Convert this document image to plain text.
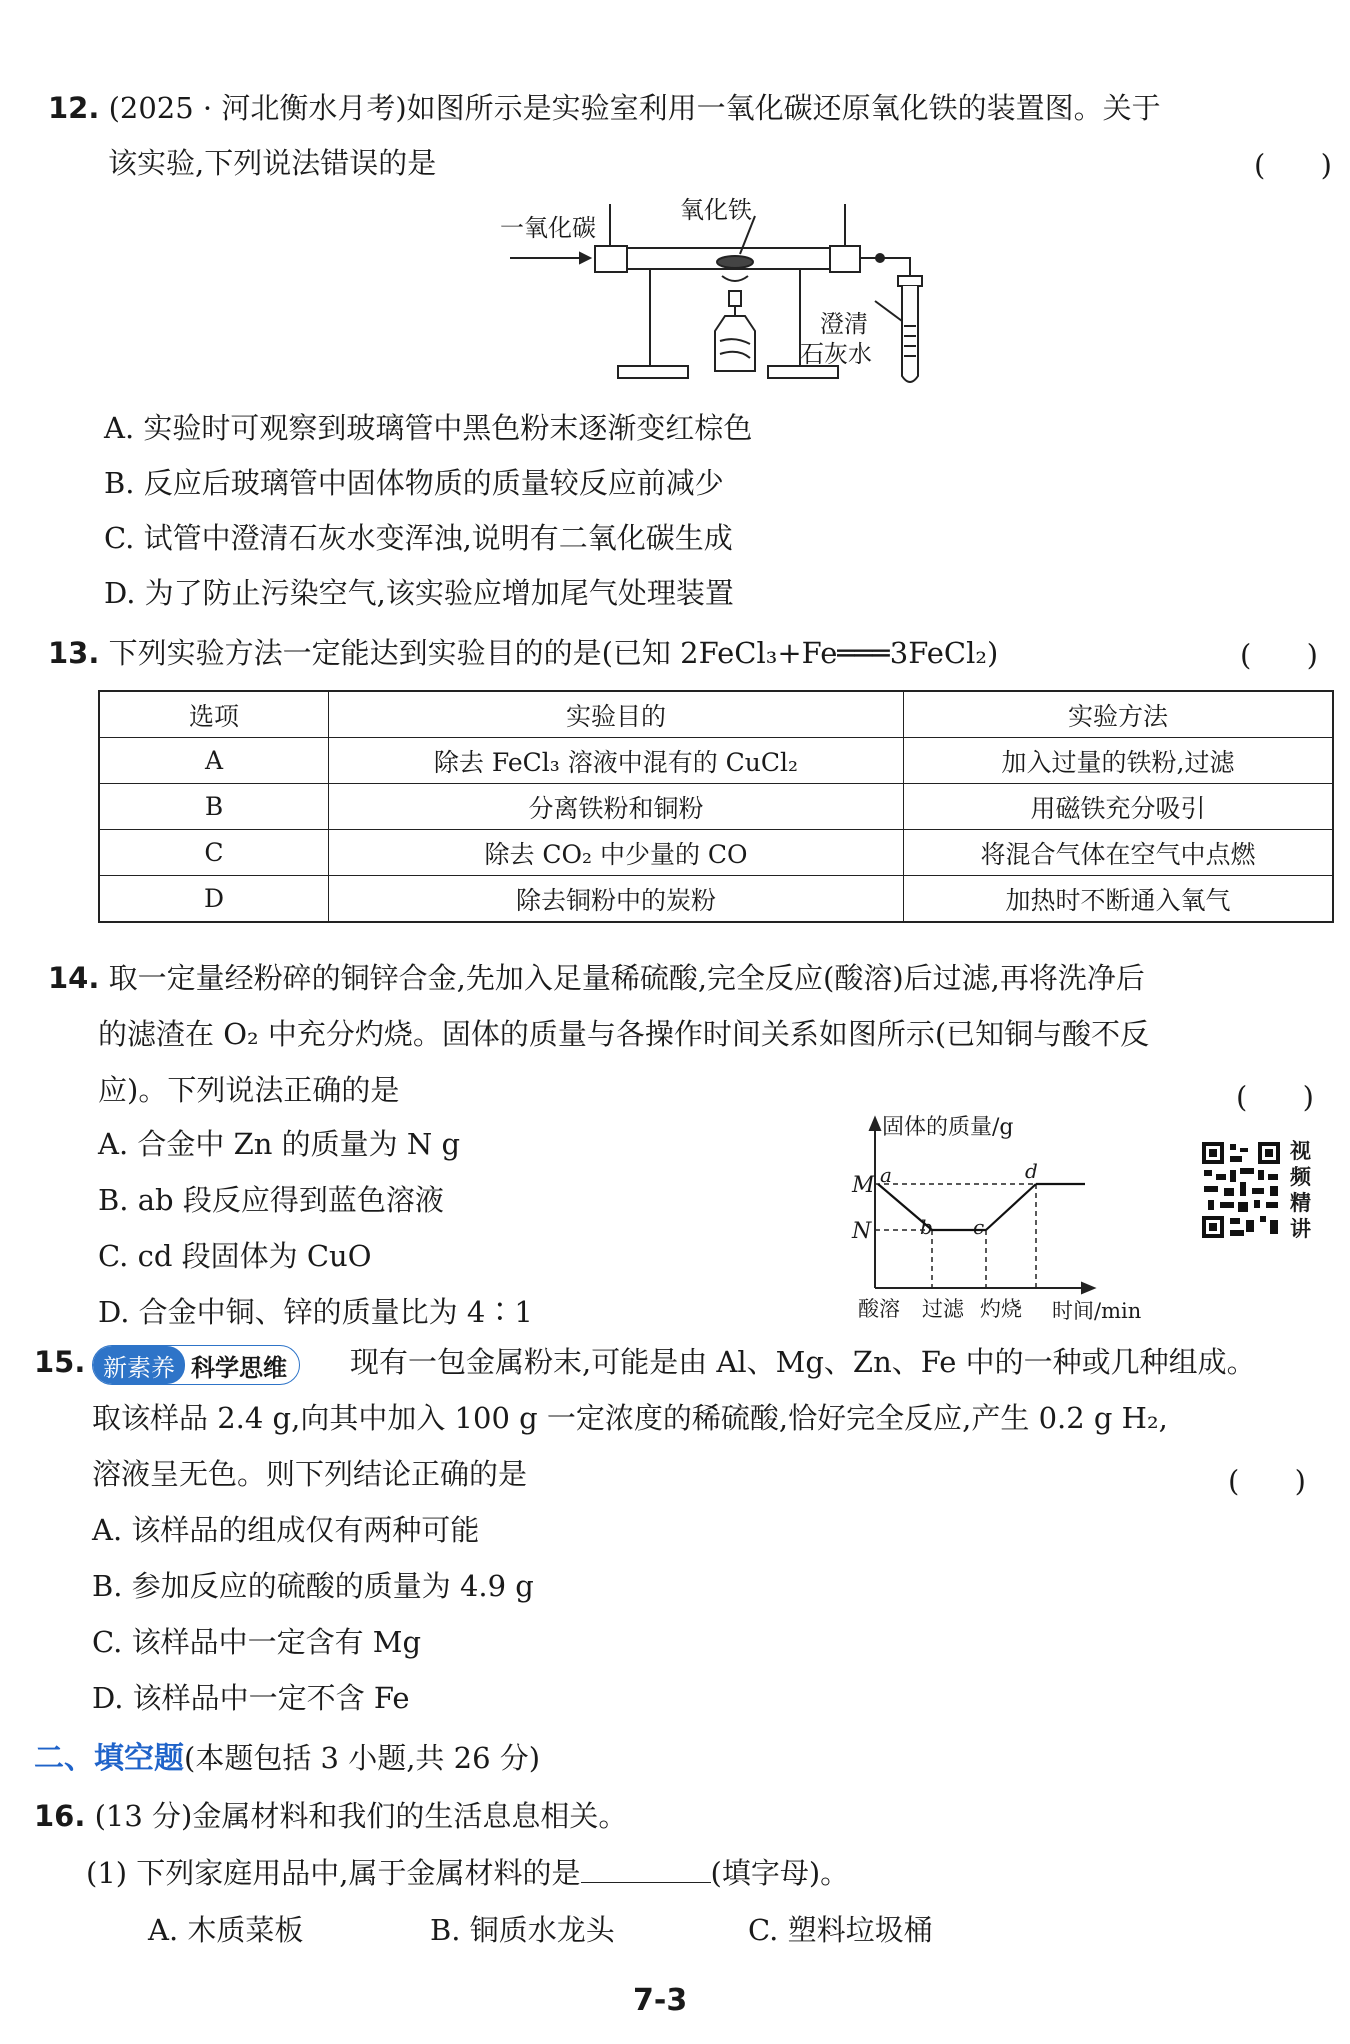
12. (2025 · 河北衡水月考)如图所示是实验室利用一氧化碳还原氧化铁的装置图。关于
该实验,下列说法错误的是	(      )
一氧化碳
氧化铁
澄清
石灰水
A. 实验时可观察到玻璃管中黑色粉末逐渐变红棕色
B. 反应后玻璃管中固体物质的质量较反应前减少
C. 试管中澄清石灰水变浑浊,说明有二氧化碳生成
D. 为了防止污染空气,该实验应增加尾气处理装置
13. 下列实验方法一定能达到实验目的的是(已知 2FeCl₃+Fe═══3FeCl₂)	(      )
选项	实验目的	实验方法
A	除去 FeCl₃ 溶液中混有的 CuCl₂	加入过量的铁粉,过滤
B	分离铁粉和铜粉	用磁铁充分吸引
C	除去 CO₂ 中少量的 CO	将混合气体在空气中点燃
D	除去铜粉中的炭粉	加热时不断通入氧气
14. 取一定量经粉碎的铜锌合金,先加入足量稀硫酸,完全反应(酸溶)后过滤,再将洗净后
的滤渣在 O₂ 中充分灼烧。固体的质量与各操作时间关系如图所示(已知铜与酸不反
应)。下列说法正确的是	(      )
A. 合金中 Zn 的质量为 N g
B. ab 段反应得到蓝色溶液
C. cd 段固体为 CuO
D. 合金中铜、锌的质量比为 4∶1
固体的质量/g
M
N
a
b c
d
酸溶 过滤 灼烧 时间/min
视
频
精
讲
15. 新素养 科学思维	现有一包金属粉末,可能是由 Al、Mg、Zn、Fe 中的一种或几种组成。
取该样品 2.4 g,向其中加入 100 g 一定浓度的稀硫酸,恰好完全反应,产生 0.2 g H₂,
溶液呈无色。则下列结论正确的是	(      )
A. 该样品的组成仅有两种可能
B. 参加反应的硫酸的质量为 4.9 g
C. 该样品中一定含有 Mg
D. 该样品中一定不含 Fe
二、填空题(本题包括 3 小题,共 26 分)
16. (13 分)金属材料和我们的生活息息相关。
(1) 下列家庭用品中,属于金属材料的是	(填字母)。
A. 木质菜板	B. 铜质水龙头	C. 塑料垃圾桶
7-3
